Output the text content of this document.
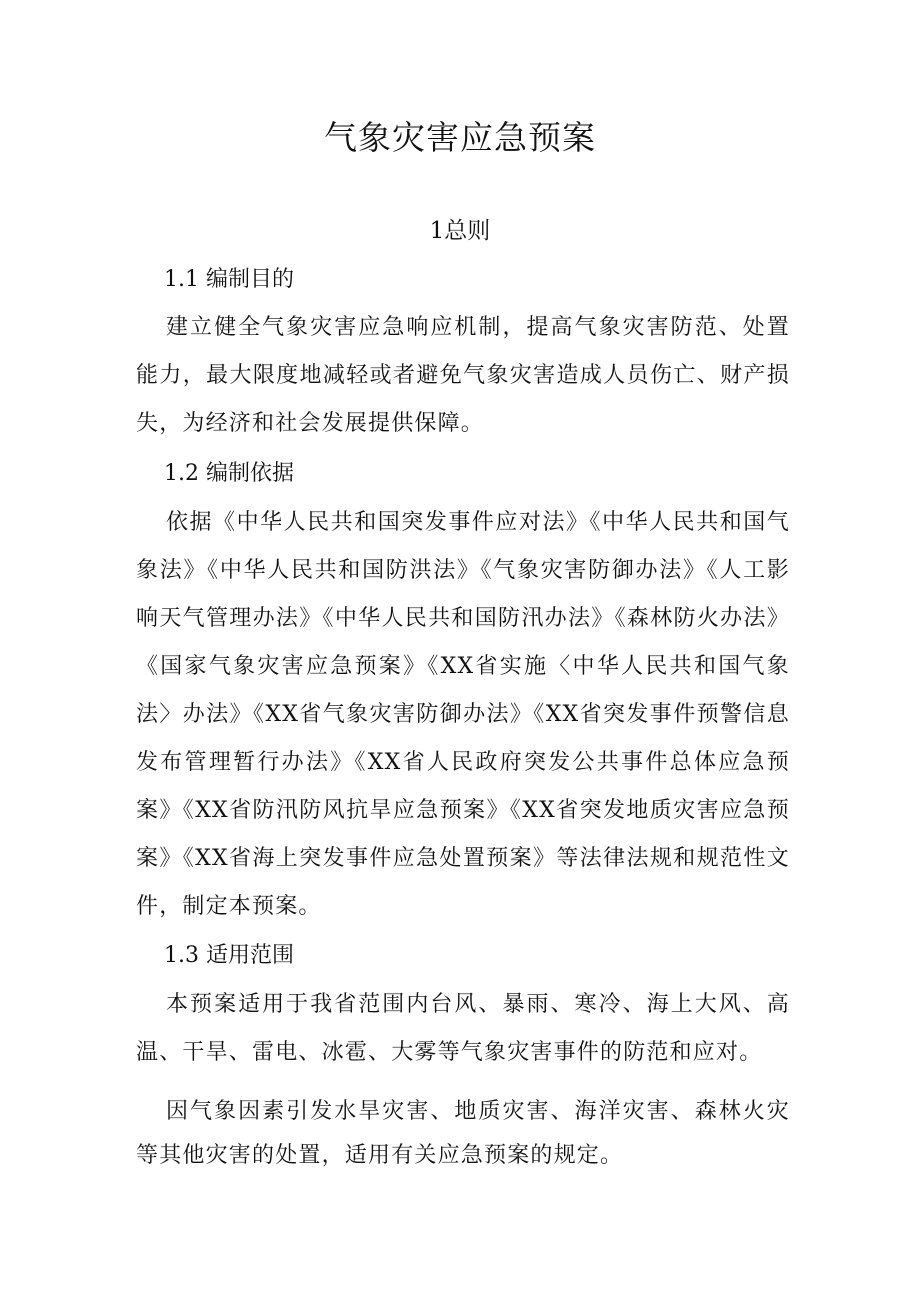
气象灾害应急预案
1总则
1.1 编制目的

建立健全气象灾害应急响应机制，提高气象灾害防范、处置能力，最大限度地减轻或者避免气象灾害造成人员伤亡、财产损失，为经济和社会发展提供保障。

1.2 编制依据

依据《中华人民共和国突发事件应对法》《中华人民共和国气象法》《中华人民共和国防洪法》《气象灾害防御办法》《人工影响天气管理办法》《中华人民共和国防汛办法》《森林防火办法》《国家气象灾害应急预案》《XX省实施〈中华人民共和国气象法〉办法》《XX省气象灾害防御办法》《XX省突发事件预警信息发布管理暂行办法》《XX省人民政府突发公共事件总体应急预案》《XX省防汛防风抗旱应急预案》《XX省突发地质灾害应急预案》《XX省海上突发事件应急处置预案》等法律法规和规范性文件，制定本预案。

1.3 适用范围

本预案适用于我省范围内台风、暴雨、寒冷、海上大风、高温、干旱、雷电、冰雹、大雾等气象灾害事件的防范和应对。

因气象因素引发水旱灾害、地质灾害、海洋灾害、森林火灾等其他灾害的处置，适用有关应急预案的规定。
